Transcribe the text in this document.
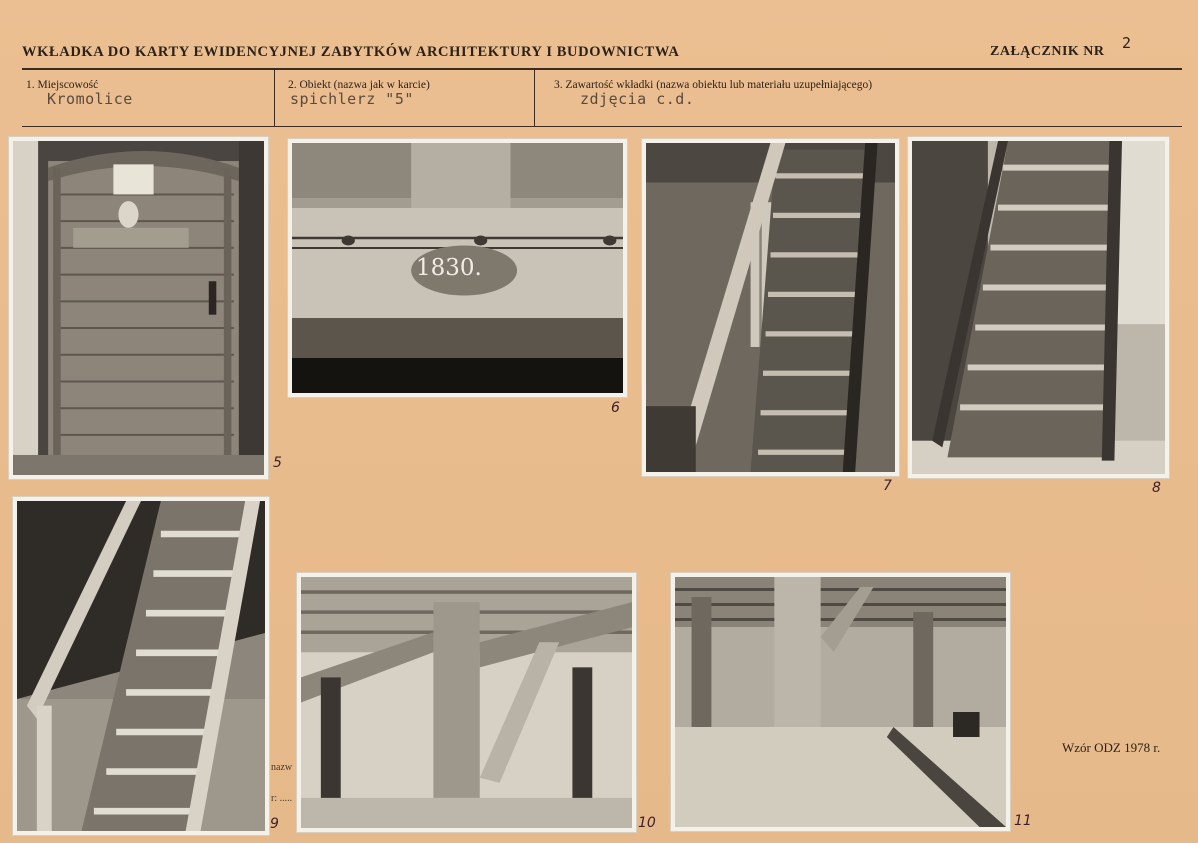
WKŁADKA DO KARTY EWIDENCYJNEJ ZABYTKÓW ARCHITEKTURY I BUDOWNICTWA	ZAŁĄCZNIK NR 2
1. Miejscowość
Kromolice
2. Obiekt (nazwa jak w karcie)
spichlerz "5"
3. Zawartość wkładki (nazwa obiektu lub materiału uzupełniającego)
zdjęcia c.d.
5
1830.
6
7	8
9	10	11
nazw
r: .....
Wzór ODZ 1978 r.
